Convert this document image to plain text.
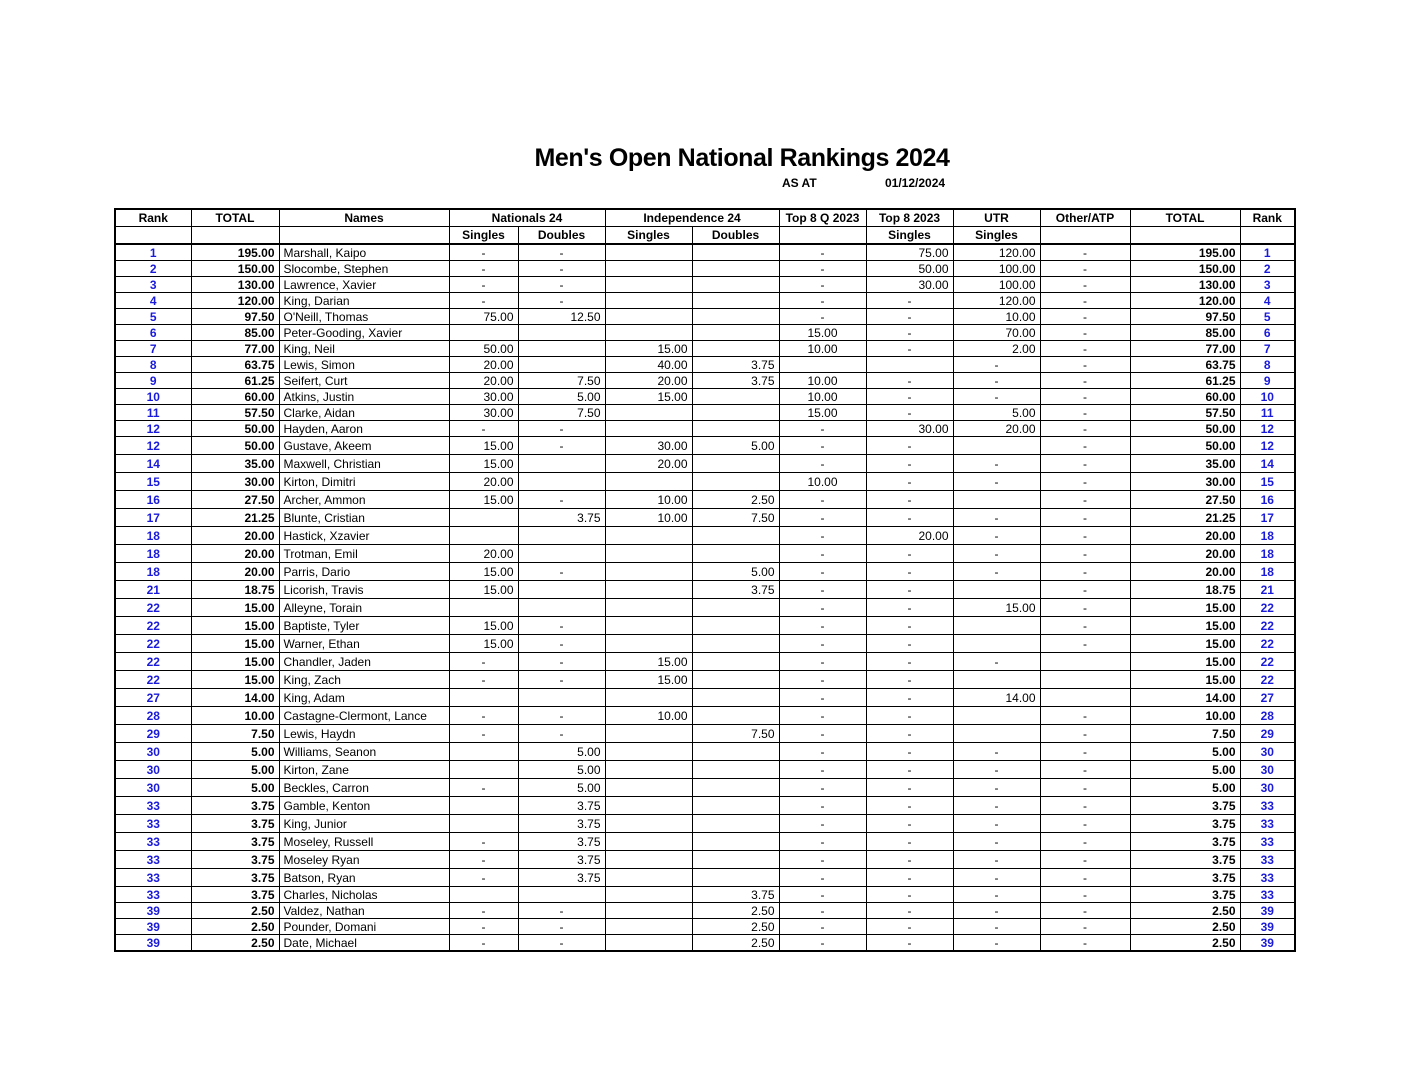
Men's Open National Rankings 2024
AS AT	01/12/2024
Rank	TOTAL	Names	Nationals 24		Independence 24		Top 8 Q 2023	Top 8 2023	UTR	Other/ATP	TOTAL	Rank
			Singles	Doubles	Singles	Doubles		Singles	Singles			
1	195.00	Marshall, Kaipo	-	-			-	75.00	120.00	-	195.00	1
2	150.00	Slocombe, Stephen	-	-			-	50.00	100.00	-	150.00	2
3	130.00	Lawrence, Xavier	-	-			-	30.00	100.00	-	130.00	3
4	120.00	King, Darian	-	-			-	-	120.00	-	120.00	4
5	97.50	O'Neill, Thomas	75.00	12.50			-	-	10.00	-	97.50	5
6	85.00	Peter-Gooding, Xavier					15.00	-	70.00	-	85.00	6
7	77.00	King, Neil	50.00		15.00		10.00	-	2.00	-	77.00	7
8	63.75	Lewis, Simon	20.00		40.00	3.75			-	-	63.75	8
9	61.25	Seifert, Curt	20.00	7.50	20.00	3.75	10.00	-	-	-	61.25	9
10	60.00	Atkins, Justin	30.00	5.00	15.00		10.00	-	-	-	60.00	10
11	57.50	Clarke, Aidan	30.00	7.50			15.00	-	5.00	-	57.50	11
12	50.00	Hayden, Aaron	-	-			-	30.00	20.00	-	50.00	12
12	50.00	Gustave, Akeem	15.00	-	30.00	5.00	-	-		-	50.00	12
14	35.00	Maxwell, Christian	15.00		20.00		-	-	-	-	35.00	14
15	30.00	Kirton, Dimitri	20.00				10.00	-	-	-	30.00	15
16	27.50	Archer, Ammon	15.00	-	10.00	2.50	-	-		-	27.50	16
17	21.25	Blunte, Cristian		3.75	10.00	7.50	-	-	-	-	21.25	17
18	20.00	Hastick, Xzavier					-	20.00	-	-	20.00	18
18	20.00	Trotman, Emil	20.00				-	-	-	-	20.00	18
18	20.00	Parris, Dario	15.00	-		5.00	-	-	-	-	20.00	18
21	18.75	Licorish, Travis	15.00			3.75	-	-		-	18.75	21
22	15.00	Alleyne, Torain					-	-	15.00	-	15.00	22
22	15.00	Baptiste, Tyler	15.00	-			-	-		-	15.00	22
22	15.00	Warner, Ethan	15.00	-			-	-		-	15.00	22
22	15.00	Chandler, Jaden	-	-	15.00		-	-	-		15.00	22
22	15.00	King, Zach	-	-	15.00		-	-			15.00	22
27	14.00	King, Adam					-	-	14.00		14.00	27
28	10.00	Castagne-Clermont, Lance	-	-	10.00		-	-		-	10.00	28
29	7.50	Lewis, Haydn	-	-		7.50	-	-		-	7.50	29
30	5.00	Williams, Seanon		5.00			-	-	-	-	5.00	30
30	5.00	Kirton, Zane		5.00			-	-	-	-	5.00	30
30	5.00	Beckles, Carron	-	5.00			-	-	-	-	5.00	30
33	3.75	Gamble, Kenton		3.75			-	-	-	-	3.75	33
33	3.75	King, Junior		3.75			-	-	-	-	3.75	33
33	3.75	Moseley, Russell	-	3.75			-	-	-	-	3.75	33
33	3.75	Moseley Ryan	-	3.75			-	-	-	-	3.75	33
33	3.75	Batson, Ryan	-	3.75			-	-	-	-	3.75	33
33	3.75	Charles, Nicholas				3.75	-	-	-	-	3.75	33
39	2.50	Valdez, Nathan	-	-		2.50	-	-	-	-	2.50	39
39	2.50	Pounder, Domani	-	-		2.50	-	-	-	-	2.50	39
39	2.50	Date, Michael	-	-		2.50	-	-	-	-	2.50	39
